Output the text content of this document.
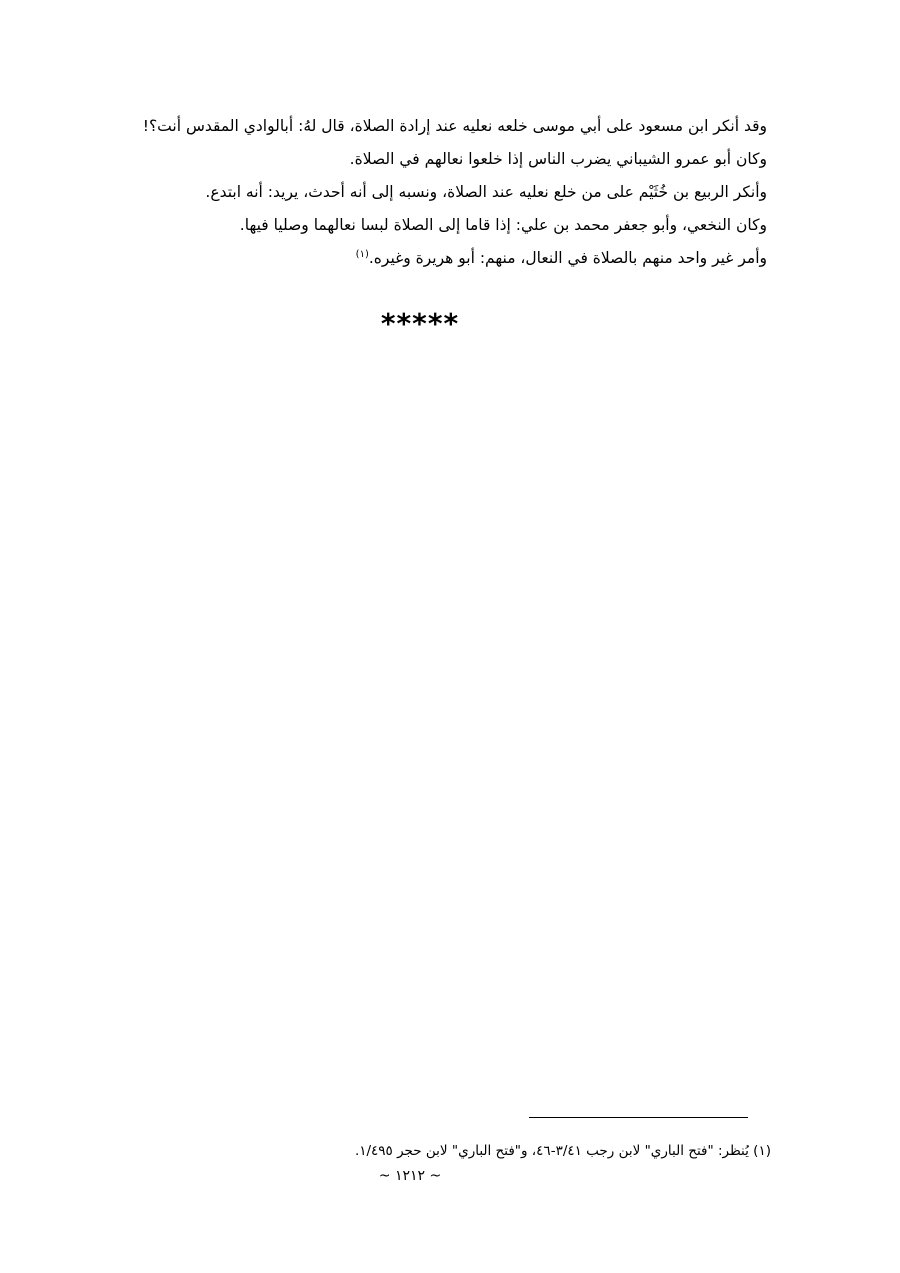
وقد أنكر ابن مسعود على أبي موسى خلعه نعليه عند إرادة الصلاة، قال لهُ: أبالوادي المقدس أنت؟!

وكان أبو عمرو الشيباني يضرب الناس إذا خلعوا نعالهم في الصلاة.

وأنكر الربيع بن خُثَيْم على من خلع نعليه عند الصلاة، ونسبه إلى أنه أحدث، يريد: أنه ابتدع.

وكان النخعي، وأبو جعفر محمد بن علي: إذا قاما إلى الصلاة لبسا نعالهما وصليا فيها.

وأمر غير واحد منهم بالصلاة في النعال، منهم: أبو هريرة وغيره.$^{(١)}$

*****
(١) يُنظر: "فتح الباري" لابن رجب ٣/٤١-٤٦، و"فتح الباري" لابن حجر ١/٤٩٥.
~ ١٢١٢ ~
